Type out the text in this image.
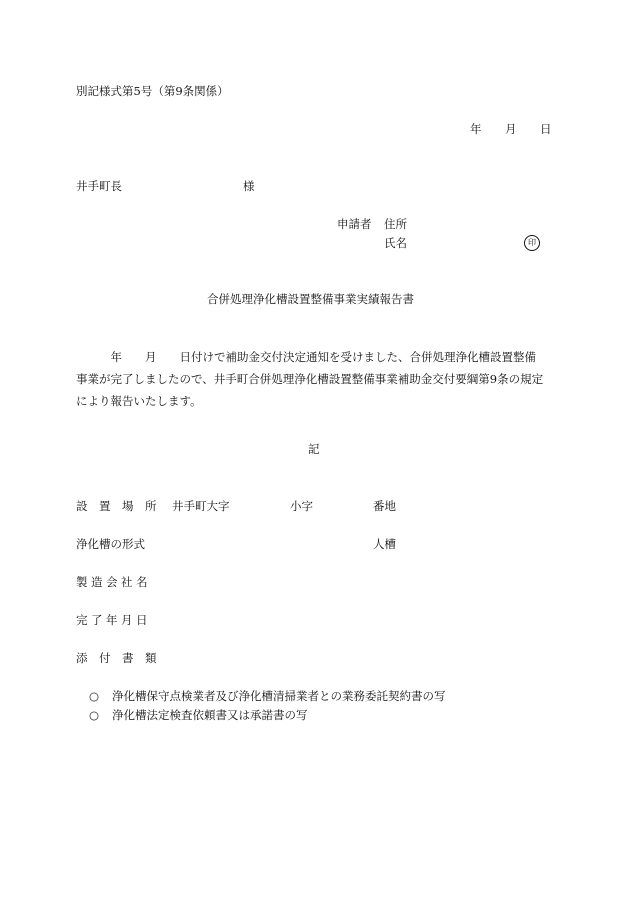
別記様式第5号（第9条関係）
年 月 日
井手町長	様
申請者 住所
氏名	印
合併処理浄化槽設置整備事業実績報告書

　　　年　　月　　日付けで補助金交付決定通知を受けました、合併処理浄化槽設置整備

事業が完了しましたので、井手町合併処理浄化槽設置整備事業補助金交付要綱第9条の規定

により報告いたします。

記
設　置　場　所 井手町大字	小字	番地
浄化槽の形式	人槽
製造会社名
完了年月日
添　付　書　類
○ 浄化槽保守点検業者及び浄化槽清掃業者との業務委託契約書の写
○ 浄化槽法定検査依頼書又は承諾書の写
